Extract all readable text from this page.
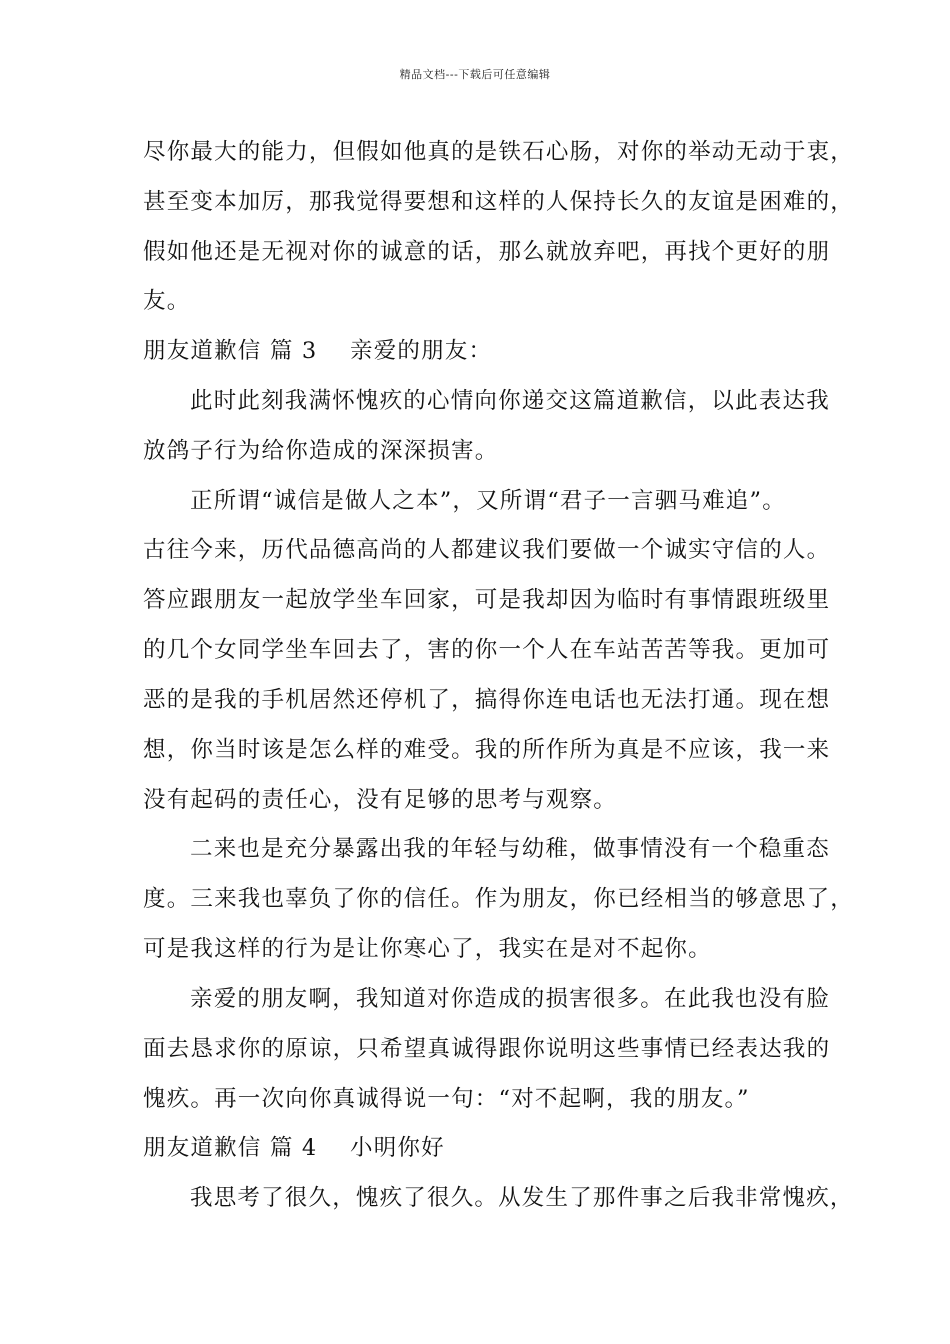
精品文档---下载后可任意编辑
尽你最大的能力，但假如他真的是铁石心肠，对你的举动无动于衷，
甚至变本加厉，那我觉得要想和这样的人保持长久的友谊是困难的，
假如他还是无视对你的诚意的话，那么就放弃吧，再找个更好的朋
友。
朋友道歉信 篇 3 亲爱的朋友：
此时此刻我满怀愧疚的心情向你递交这篇道歉信，以此表达我
放鸽子行为给你造成的深深损害。
正所谓“诚信是做人之本”，又所谓“君子一言驷马难追”。
古往今来，历代品德高尚的人都建议我们要做一个诚实守信的人。
答应跟朋友一起放学坐车回家，可是我却因为临时有事情跟班级里
的几个女同学坐车回去了，害的你一个人在车站苦苦等我。更加可
恶的是我的手机居然还停机了，搞得你连电话也无法打通。现在想
想，你当时该是怎么样的难受。我的所作所为真是不应该，我一来
没有起码的责任心，没有足够的思考与观察。
二来也是充分暴露出我的年轻与幼稚，做事情没有一个稳重态
度。三来我也辜负了你的信任。作为朋友，你已经相当的够意思了，
可是我这样的行为是让你寒心了，我实在是对不起你。
亲爱的朋友啊，我知道对你造成的损害很多。在此我也没有脸
面去恳求你的原谅，只希望真诚得跟你说明这些事情已经表达我的
愧疚。再一次向你真诚得说一句：“对不起啊，我的朋友。”
朋友道歉信 篇 4 小明你好
我思考了很久，愧疚了很久。从发生了那件事之后我非常愧疚，
